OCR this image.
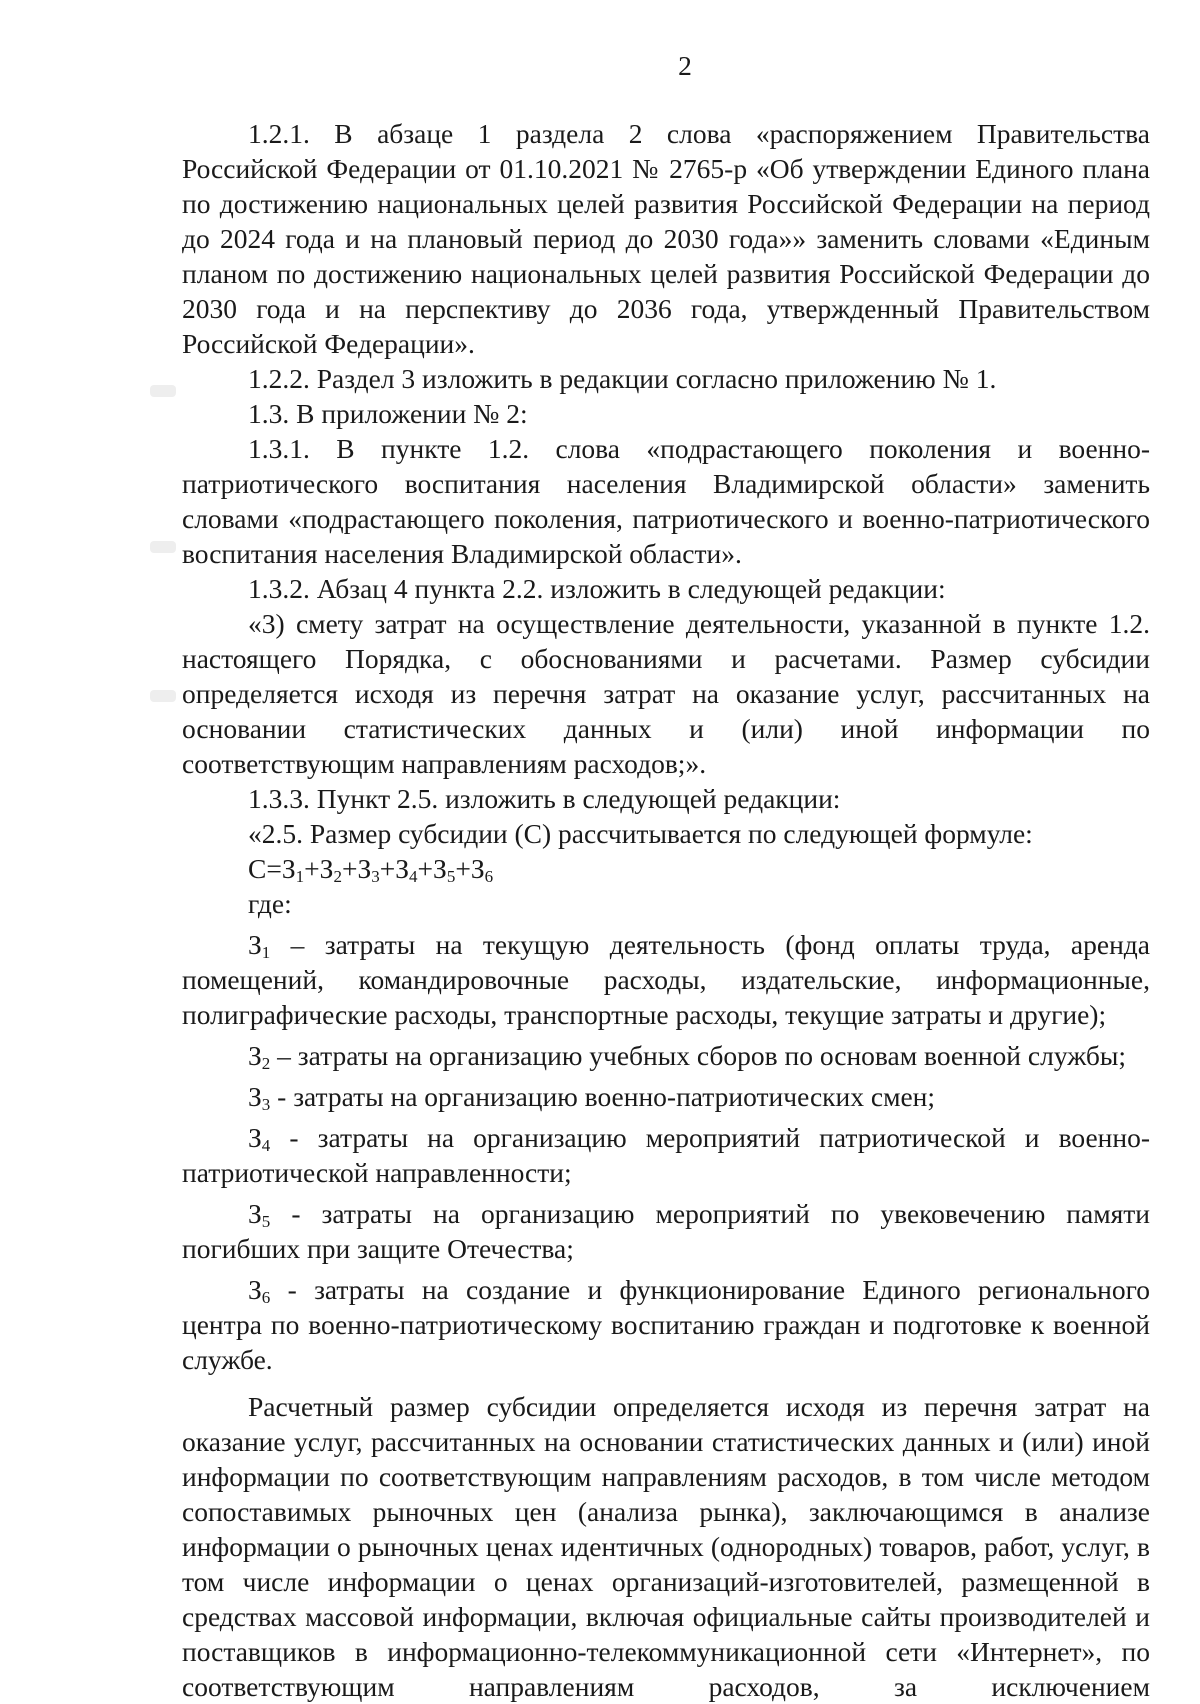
2

1.2.1. В абзаце 1 раздела 2 слова «распоряжением Правительства Российской Федерации от 01.10.2021 № 2765-р «Об утверждении Единого плана по достижению национальных целей развития Российской Федерации на период до 2024 года и на плановый период до 2030 года»» заменить словами «Единым планом по достижению национальных целей развития Российской Федерации до 2030 года и на перспективу до 2036 года, утвержденный Правительством Российской Федерации».

1.2.2. Раздел 3 изложить в редакции согласно приложению № 1.

1.3. В приложении № 2:

1.3.1. В пункте 1.2. слова «подрастающего поколения и военно-патриотического воспитания населения Владимирской области» заменить словами «подрастающего поколения, патриотического и военно-патриотического воспитания населения Владимирской области».

1.3.2. Абзац 4 пункта 2.2. изложить в следующей редакции:

«3) смету затрат на осуществление деятельности, указанной в пункте 1.2. настоящего Порядка, с обоснованиями и расчетами. Размер субсидии определяется исходя из перечня затрат на оказание услуг, рассчитанных на основании статистических данных и (или) иной информации по соответствующим направлениям расходов;».

1.3.3. Пункт 2.5. изложить в следующей редакции:

«2.5. Размер субсидии (С) рассчитывается по следующей формуле:

$С=З_1+З_2+З_3+З_4+З_5+З_6$

где:

$З_1$ – затраты на текущую деятельность (фонд оплаты труда, аренда помещений, командировочные расходы, издательские, информационные, полиграфические расходы, транспортные расходы, текущие затраты и другие);

$З_2$ – затраты на организацию учебных сборов по основам военной службы;

$З_3$ - затраты на организацию военно-патриотических смен;

$З_4$ - затраты на организацию мероприятий патриотической и военно-патриотической направленности;

$З_5$ - затраты на организацию мероприятий по увековечению памяти погибших при защите Отечества;

$З_6$ - затраты на создание и функционирование Единого регионального центра по военно-патриотическому воспитанию граждан и подготовке к военной службе.

Расчетный размер субсидии определяется исходя из перечня затрат на оказание услуг, рассчитанных на основании статистических данных и (или) иной информации по соответствующим направлениям расходов, в том числе методом сопоставимых рыночных цен (анализа рынка), заключающимся в анализе информации о рыночных ценах идентичных (однородных) товаров, работ, услуг, в том числе информации о ценах организаций-изготовителей, размещенной в средствах массовой информации, включая официальные сайты производителей и поставщиков в информационно-телекоммуникационной сети «Интернет», по соответствующим направлениям расходов, за исключением
